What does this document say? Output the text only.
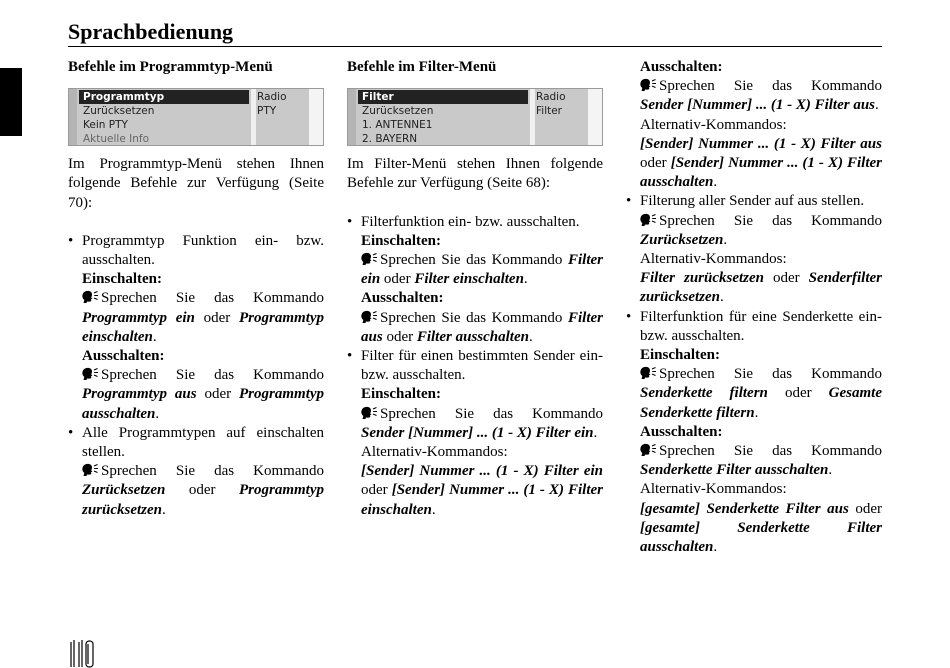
Sprachbedienung

Befehle im Programmtyp-Menü

Programmtyp
Zurücksetzen
Kein PTY
Aktuelle Info
Radio
PTY

Im Programmtyp-Menü stehen Ihnen folgende Befehle zur Verfügung (Seite 70):

• Programmtyp Funktion ein- bzw. ausschalten.
Einschalten:
Sprechen Sie das Kommando Programmtyp ein oder Programmtyp einschalten.
Ausschalten:
Sprechen Sie das Kommando Programmtyp aus oder Programmtyp ausschalten.
• Alle Programmtypen auf einschalten stellen.
Sprechen Sie das Kommando Zurücksetzen oder Programmtyp zurücksetzen.

Befehle im Filter-Menü

Filter
Zurücksetzen
1. ANTENNE1
2. BAYERN
Radio
Filter

Im Filter-Menü stehen Ihnen folgende Befehle zur Verfügung (Seite 68):

• Filterfunktion ein- bzw. ausschalten.
Einschalten:
Sprechen Sie das Kommando Filter ein oder Filter einschalten.
Ausschalten:
Sprechen Sie das Kommando Filter aus oder Filter ausschalten.
• Filter für einen bestimmten Sender ein- bzw. ausschalten.
Einschalten:
Sprechen Sie das Kommando Sender [Nummer] ... (1 - X) Filter ein.
Alternativ-Kommandos:
[Sender] Nummer ... (1 - X) Filter ein oder [Sender] Nummer ... (1 - X) Filter einschalten.
Ausschalten:
Sprechen Sie das Kommando Sender [Nummer] ... (1 - X) Filter aus.
Alternativ-Kommandos:
[Sender] Nummer ... (1 - X) Filter aus oder [Sender] Nummer ... (1 - X) Filter ausschalten.
• Filterung aller Sender auf aus stellen.
Sprechen Sie das Kommando Zurücksetzen.
Alternativ-Kommandos:
Filter zurücksetzen oder Senderfilter zurücksetzen.
• Filterfunktion für eine Senderkette ein- bzw. ausschalten.
Einschalten:
Sprechen Sie das Kommando Senderkette filtern oder Gesamte Senderkette filtern.
Ausschalten:
Sprechen Sie das Kommando Senderkette Filter ausschalten.
Alternativ-Kommandos:
[gesamte] Senderkette Filter aus oder [gesamte] Senderkette Filter ausschalten.
